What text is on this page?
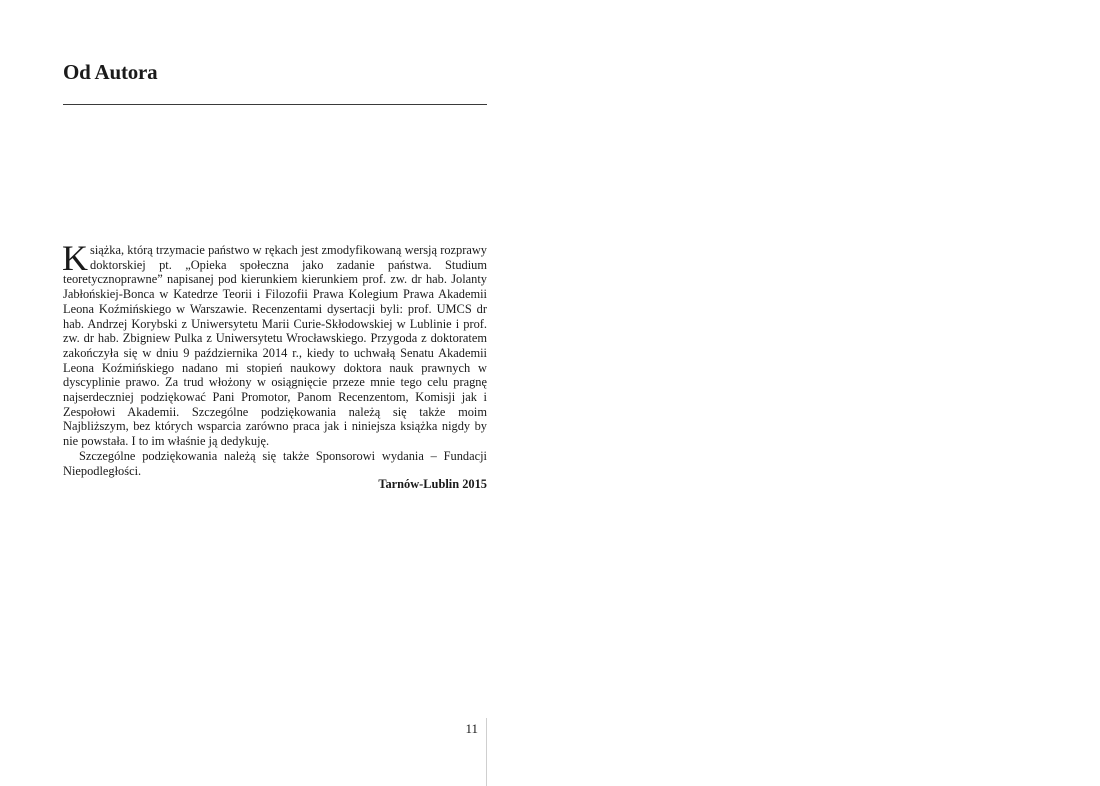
Od Autora

Książka, którą trzymacie państwo w rękach jest zmodyfikowaną wersją rozprawy doktorskiej pt. „Opieka społeczna jako zadanie państwa. Studium teoretycznoprawne” napisanej pod kierunkiem kierunkiem prof. zw. dr hab. Jolanty Jabłońskiej-Bonca w Katedrze Teorii i Filozofii Prawa Kolegium Prawa Akademii Leona Koźmińskiego w Warszawie. Recenzentami dysertacji byli: prof. UMCS dr hab. Andrzej Korybski z Uniwersytetu Marii Curie-Skłodowskiej w Lublinie i prof. zw. dr hab. Zbigniew Pulka z Uniwersytetu Wrocławskiego. Przygoda z doktoratem zakończyła się w dniu 9 października 2014 r., kiedy to uchwałą Senatu Akademii Leona Koźmińskiego nadano mi stopień naukowy doktora nauk prawnych w dyscyplinie prawo. Za trud włożony w osiągnięcie przeze mnie tego celu pragnę najserdeczniej podziękować Pani Promotor, Panom Recenzentom, Komisji jak i Zespołowi Akademii. Szczególne podziękowania należą się także moim Najbliższym, bez których wsparcia zarówno praca jak i niniejsza książka nigdy by nie powstała. I to im właśnie ją dedykuję.

Szczególne podziękowania należą się także Sponsorowi wydania – Fundacji Niepodległości.

Tarnów-Lublin 2015
11
